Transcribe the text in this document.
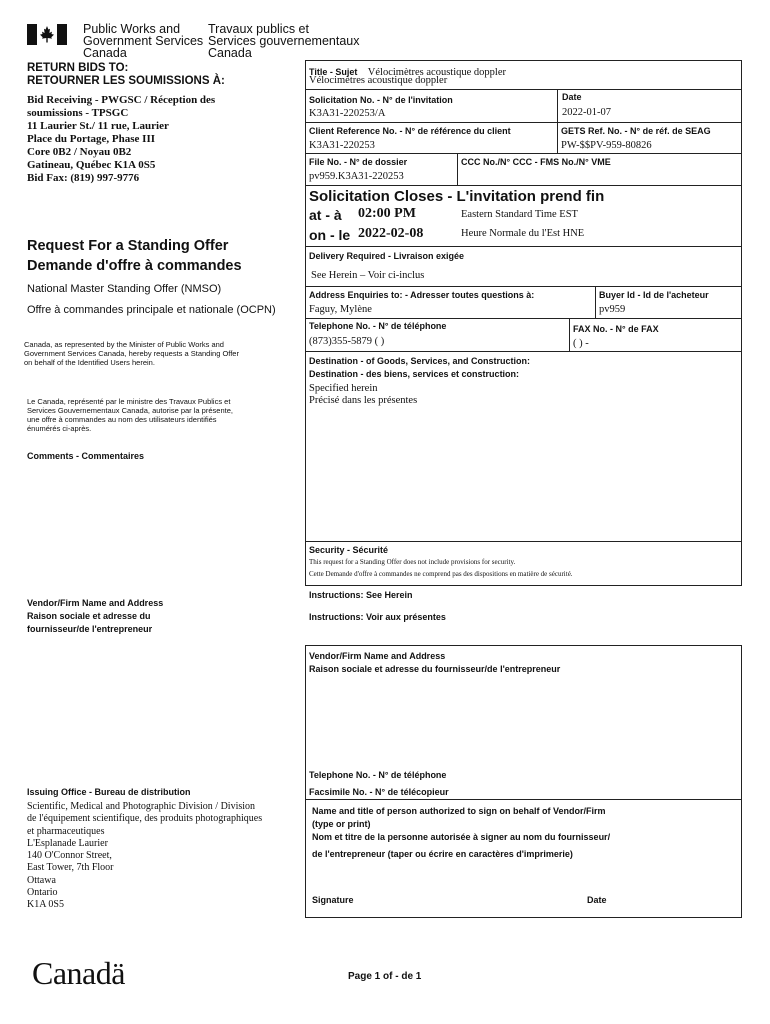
Public Works and
Government Services
Canada
Travaux publics et
Services gouvernementaux
Canada
RETURN BIDS TO:
RETOURNER LES SOUMISSIONS À:
Bid Receiving - PWGSC / Réception des
soumissions - TPSGC
11 Laurier St./ 11 rue, Laurier
Place du Portage, Phase III
Core 0B2 / Noyau 0B2
Gatineau, Québec K1A 0S5
Bid Fax: (819) 997-9776
Request For a Standing Offer
Demande d'offre à commandes
National Master Standing Offer (NMSO)
Offre à commandes principale et nationale (OCPN)
Canada, as represented by the Minister of Public Works and
Government Services Canada, hereby requests a Standing Offer
on behalf of the Identified Users herein.
Le Canada, représenté par le ministre des Travaux Publics et
Services Gouvernementaux Canada, autorise par la présente,
une offre à commandes au nom des utilisateurs identifiés
énumérés ci-après.
Comments - Commentaires
Vendor/Firm Name and Address
Raison sociale et adresse du
fournisseur/de l'entrepreneur
Issuing Office - Bureau de distribution
Scientific, Medical and Photographic Division / Division
de l'équipement scientifique, des produits photographiques
et pharmaceutiques
L'Esplanade Laurier
140 O'Connor Street,
East Tower, 7th Floor
Ottawa
Ontario
K1A 0S5
Title - Sujet Vélocimètres acoustique doppler
Vélocimètres acoustique doppler
Solicitation No. - N° de l'invitation
K3A31-220253/A
Date
2022-01-07
Client Reference No. - N° de référence du client
K3A31-220253
GETS Ref. No. - N° de réf. de SEAG
PW-$$PV-959-80826
File No. - N° de dossier
pv959.K3A31-220253
CCC No./N° CCC - FMS No./N° VME
Solicitation Closes - L'invitation prend fin
at - à 02:00 PM
on - le 2022-02-08
Eastern Standard Time EST
Heure Normale du l'Est HNE
Delivery Required - Livraison exigée
See Herein – Voir ci-inclus
Address Enquiries to: - Adresser toutes questions à:
Faguy, Mylène
Buyer Id - Id de l'acheteur
pv959
Telephone No. - N° de téléphone
(873)355-5879 ( )
FAX No. - N° de FAX
( ) -
Destination - of Goods, Services, and Construction:
Destination - des biens, services et construction:
Specified herein
Précisé dans les présentes
Security - Sécurité
This request for a Standing Offer does not include provisions for security.
Cette Demande d'offre à commandes ne comprend pas des dispositions en matière de sécurité.
Instructions: See Herein
Instructions: Voir aux présentes
Vendor/Firm Name and Address
Raison sociale et adresse du fournisseur/de l'entrepreneur
Telephone No. - N° de téléphone
Facsimile No. - N° de télécopieur
Name and title of person authorized to sign on behalf of Vendor/Firm
(type or print)
Nom et titre de la personne autorisée à signer au nom du fournisseur/
de l'entrepreneur (taper ou écrire en caractères d'imprimerie)
Signature	Date
Canadä	Page 1 of - de 1
